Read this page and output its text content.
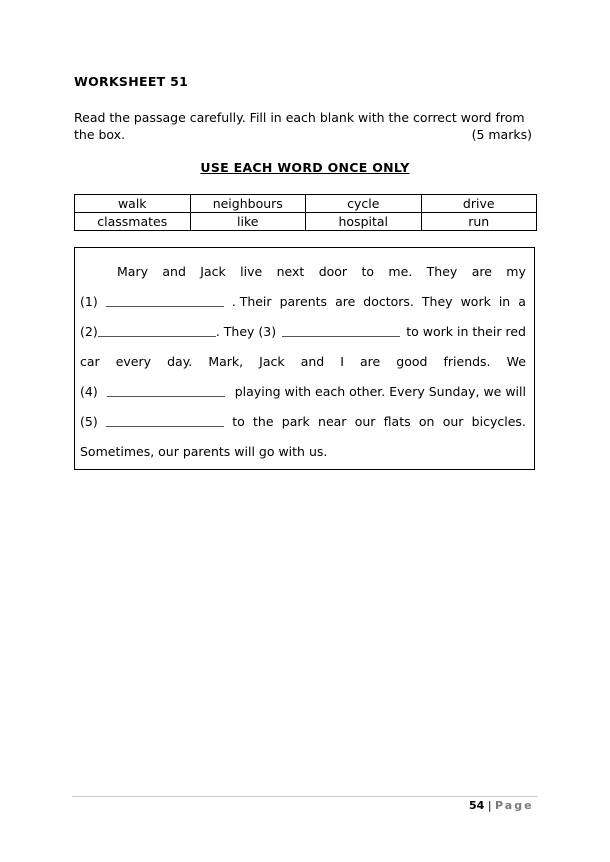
WORKSHEET 51
Read the passage carefully. Fill in each blank with the correct word from
the box.	(5 marks)
USE EACH WORD ONCE ONLY
walk	neighbours	cycle	drive
classmates	like	hospital	run
Mary and Jack live next door to me. They are my
(1)	. Their parents are doctors. They work in a
(2)	. They (3)	to work in their red
car every day. Mark, Jack and I are good friends. We
(4)	playing with each other. Every Sunday, we will
(5)	to the park near our flats on our bicycles.
Sometimes, our parents will go with us.
54 | Page
